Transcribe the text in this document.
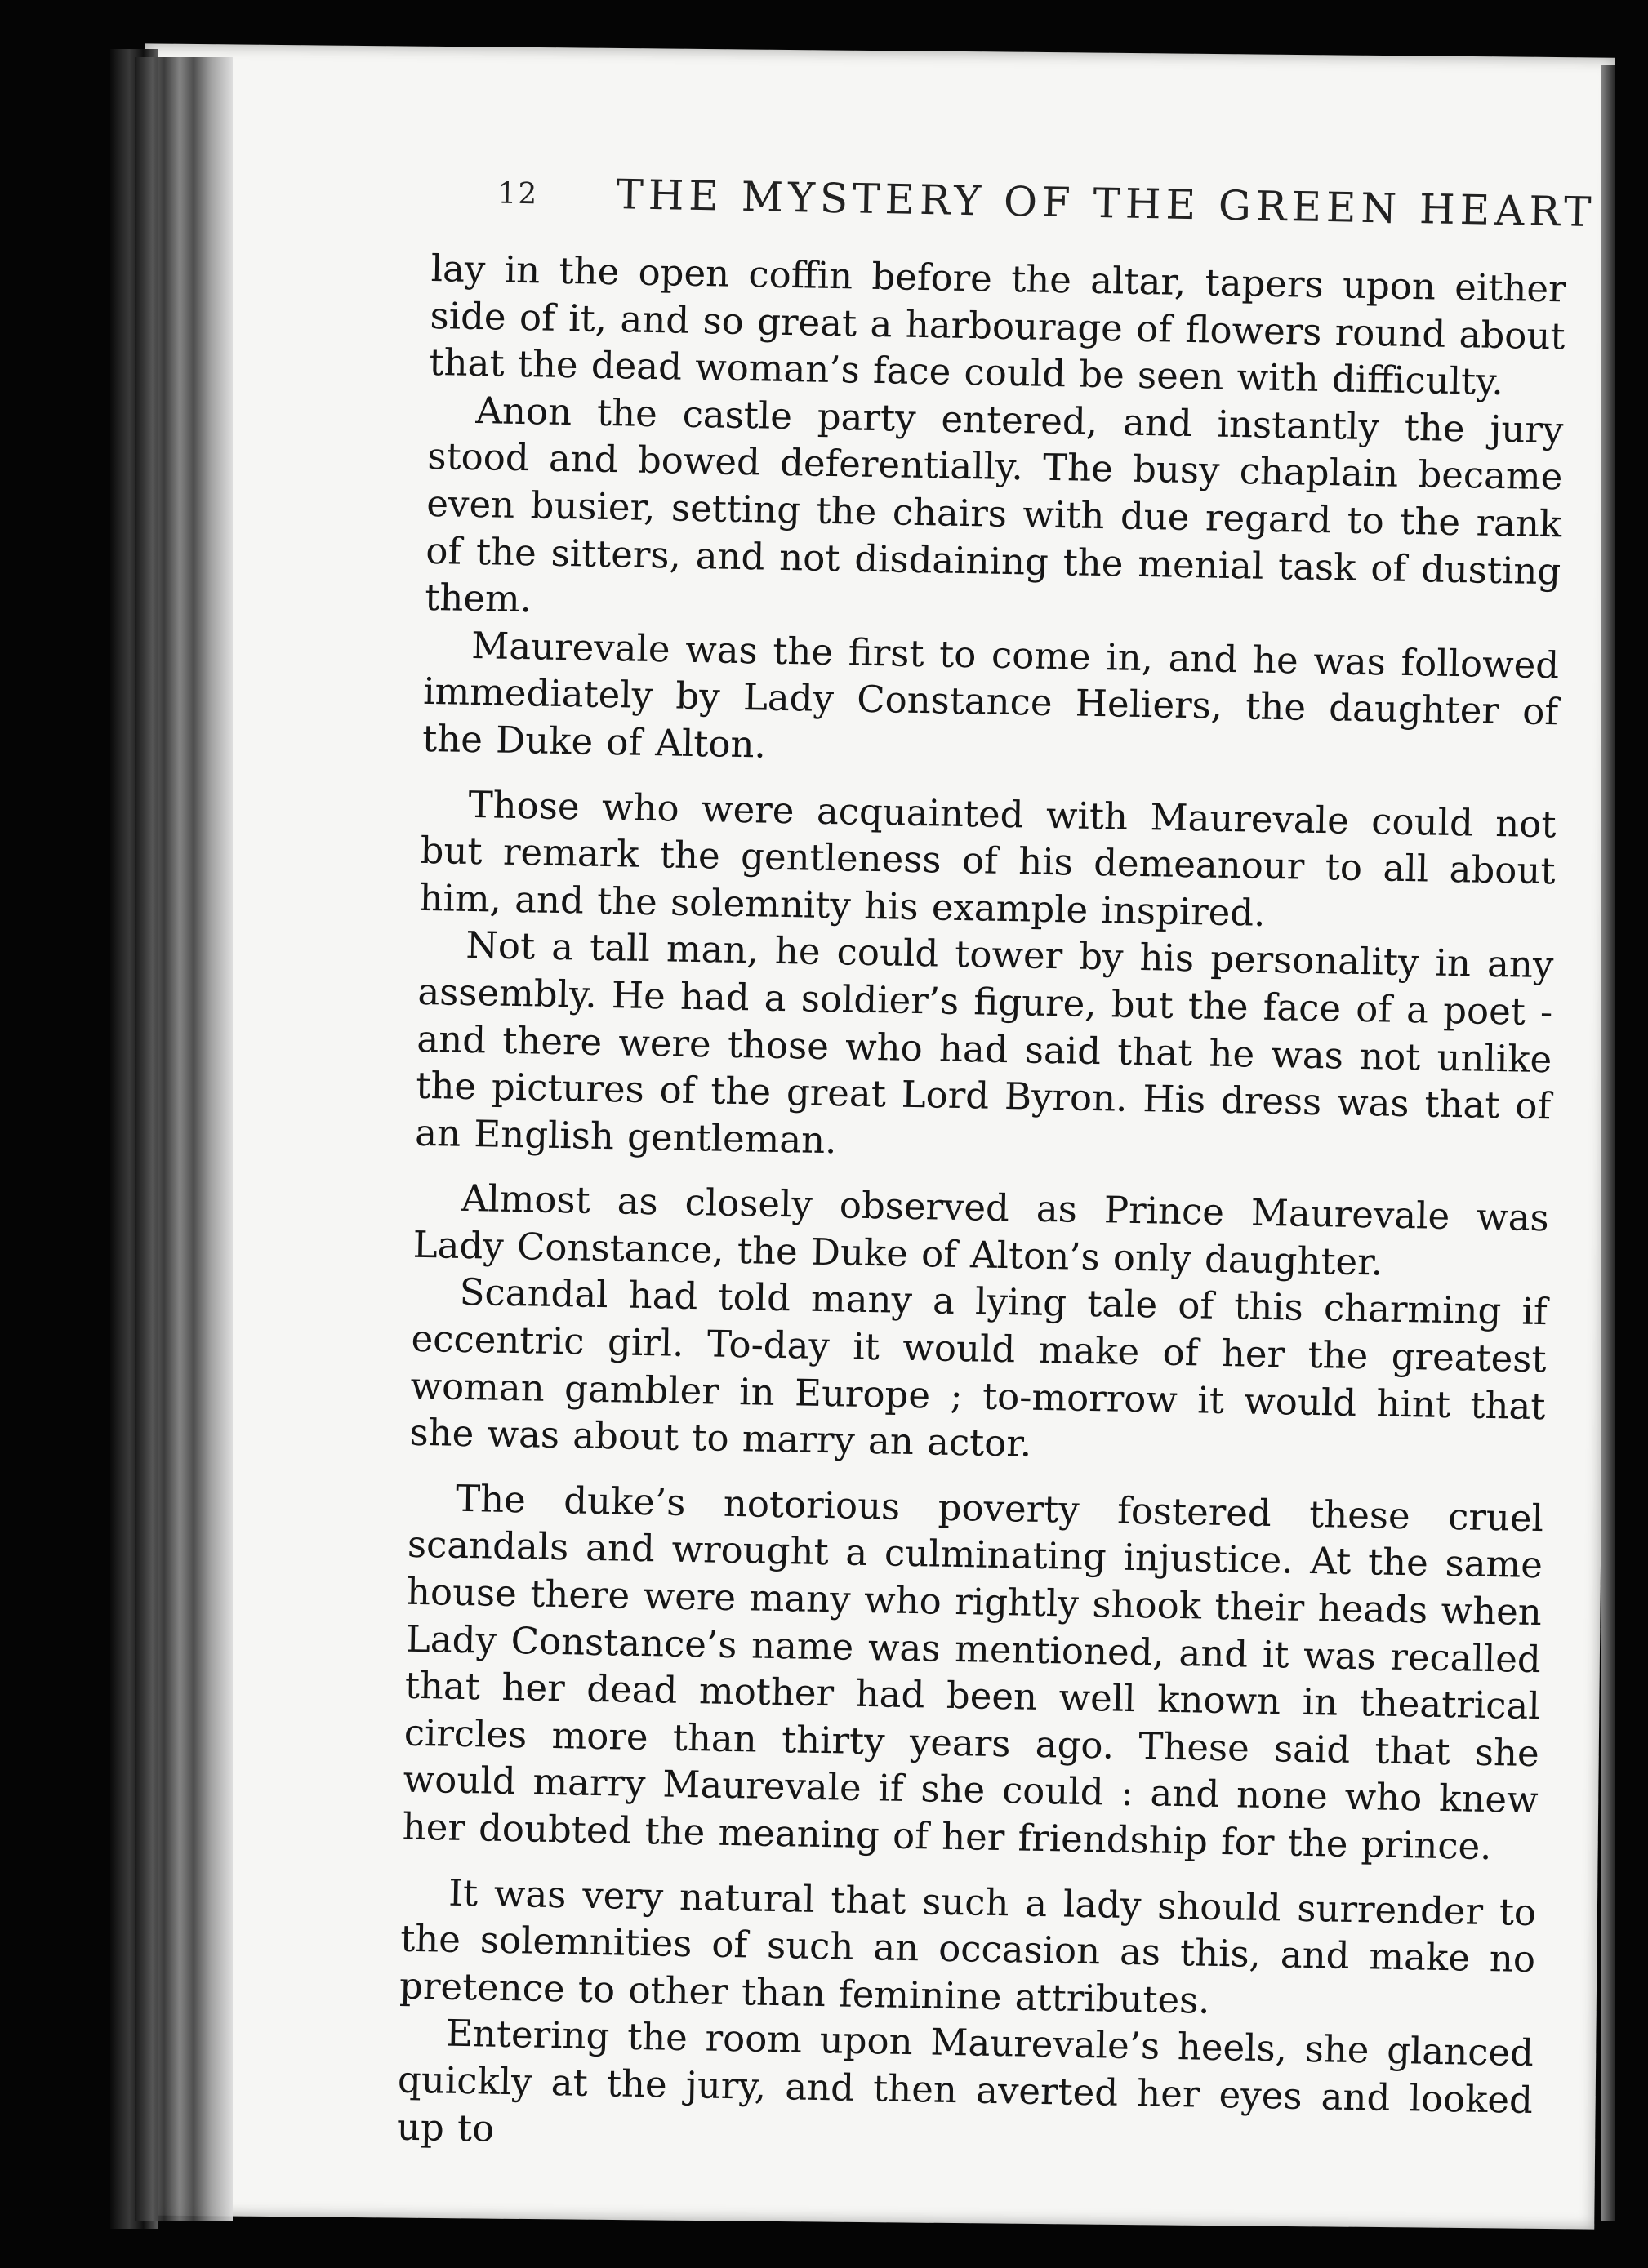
12 THE MYSTERY OF THE GREEN HEART

lay in the open coffin before the altar, tapers upon either side of it, and so great a harbourage of flowers round about that the dead woman’s face could be seen with difficulty.

Anon the castle party entered, and instantly the jury stood and bowed deferentially. The busy chaplain became even busier, setting the chairs with due regard to the rank of the sitters, and not disdaining the menial task of dusting them.

Maurevale was the first to come in, and he was followed immediately by Lady Constance Heliers, the daughter of the Duke of Alton.

Those who were acquainted with Maurevale could not but remark the gentleness of his demeanour to all about him, and the solemnity his example inspired.

Not a tall man, he could tower by his personality in any assembly. He had a soldier’s figure, but the face of a poet -and there were those who had said that he was not unlike the pictures of the great Lord Byron. His dress was that of an English gentleman.

Almost as closely observed as Prince Maurevale was Lady Constance, the Duke of Alton’s only daughter.

Scandal had told many a lying tale of this charming if eccentric girl. To-day it would make of her the greatest woman gambler in Europe ; to-morrow it would hint that she was about to marry an actor.

The duke’s notorious poverty fostered these cruel scandals and wrought a culminating injustice. At the same house there were many who rightly shook their heads when Lady Constance’s name was mentioned, and it was recalled that her dead mother had been well known in theatrical circles more than thirty years ago. These said that she would marry Maurevale if she could : and none who knew her doubted the meaning of her friendship for the prince.

It was very natural that such a lady should surrender to the solemnities of such an occasion as this, and make no pretence to other than feminine attributes.

Entering the room upon Maurevale’s heels, she glanced quickly at the jury, and then averted her eyes and looked up to
